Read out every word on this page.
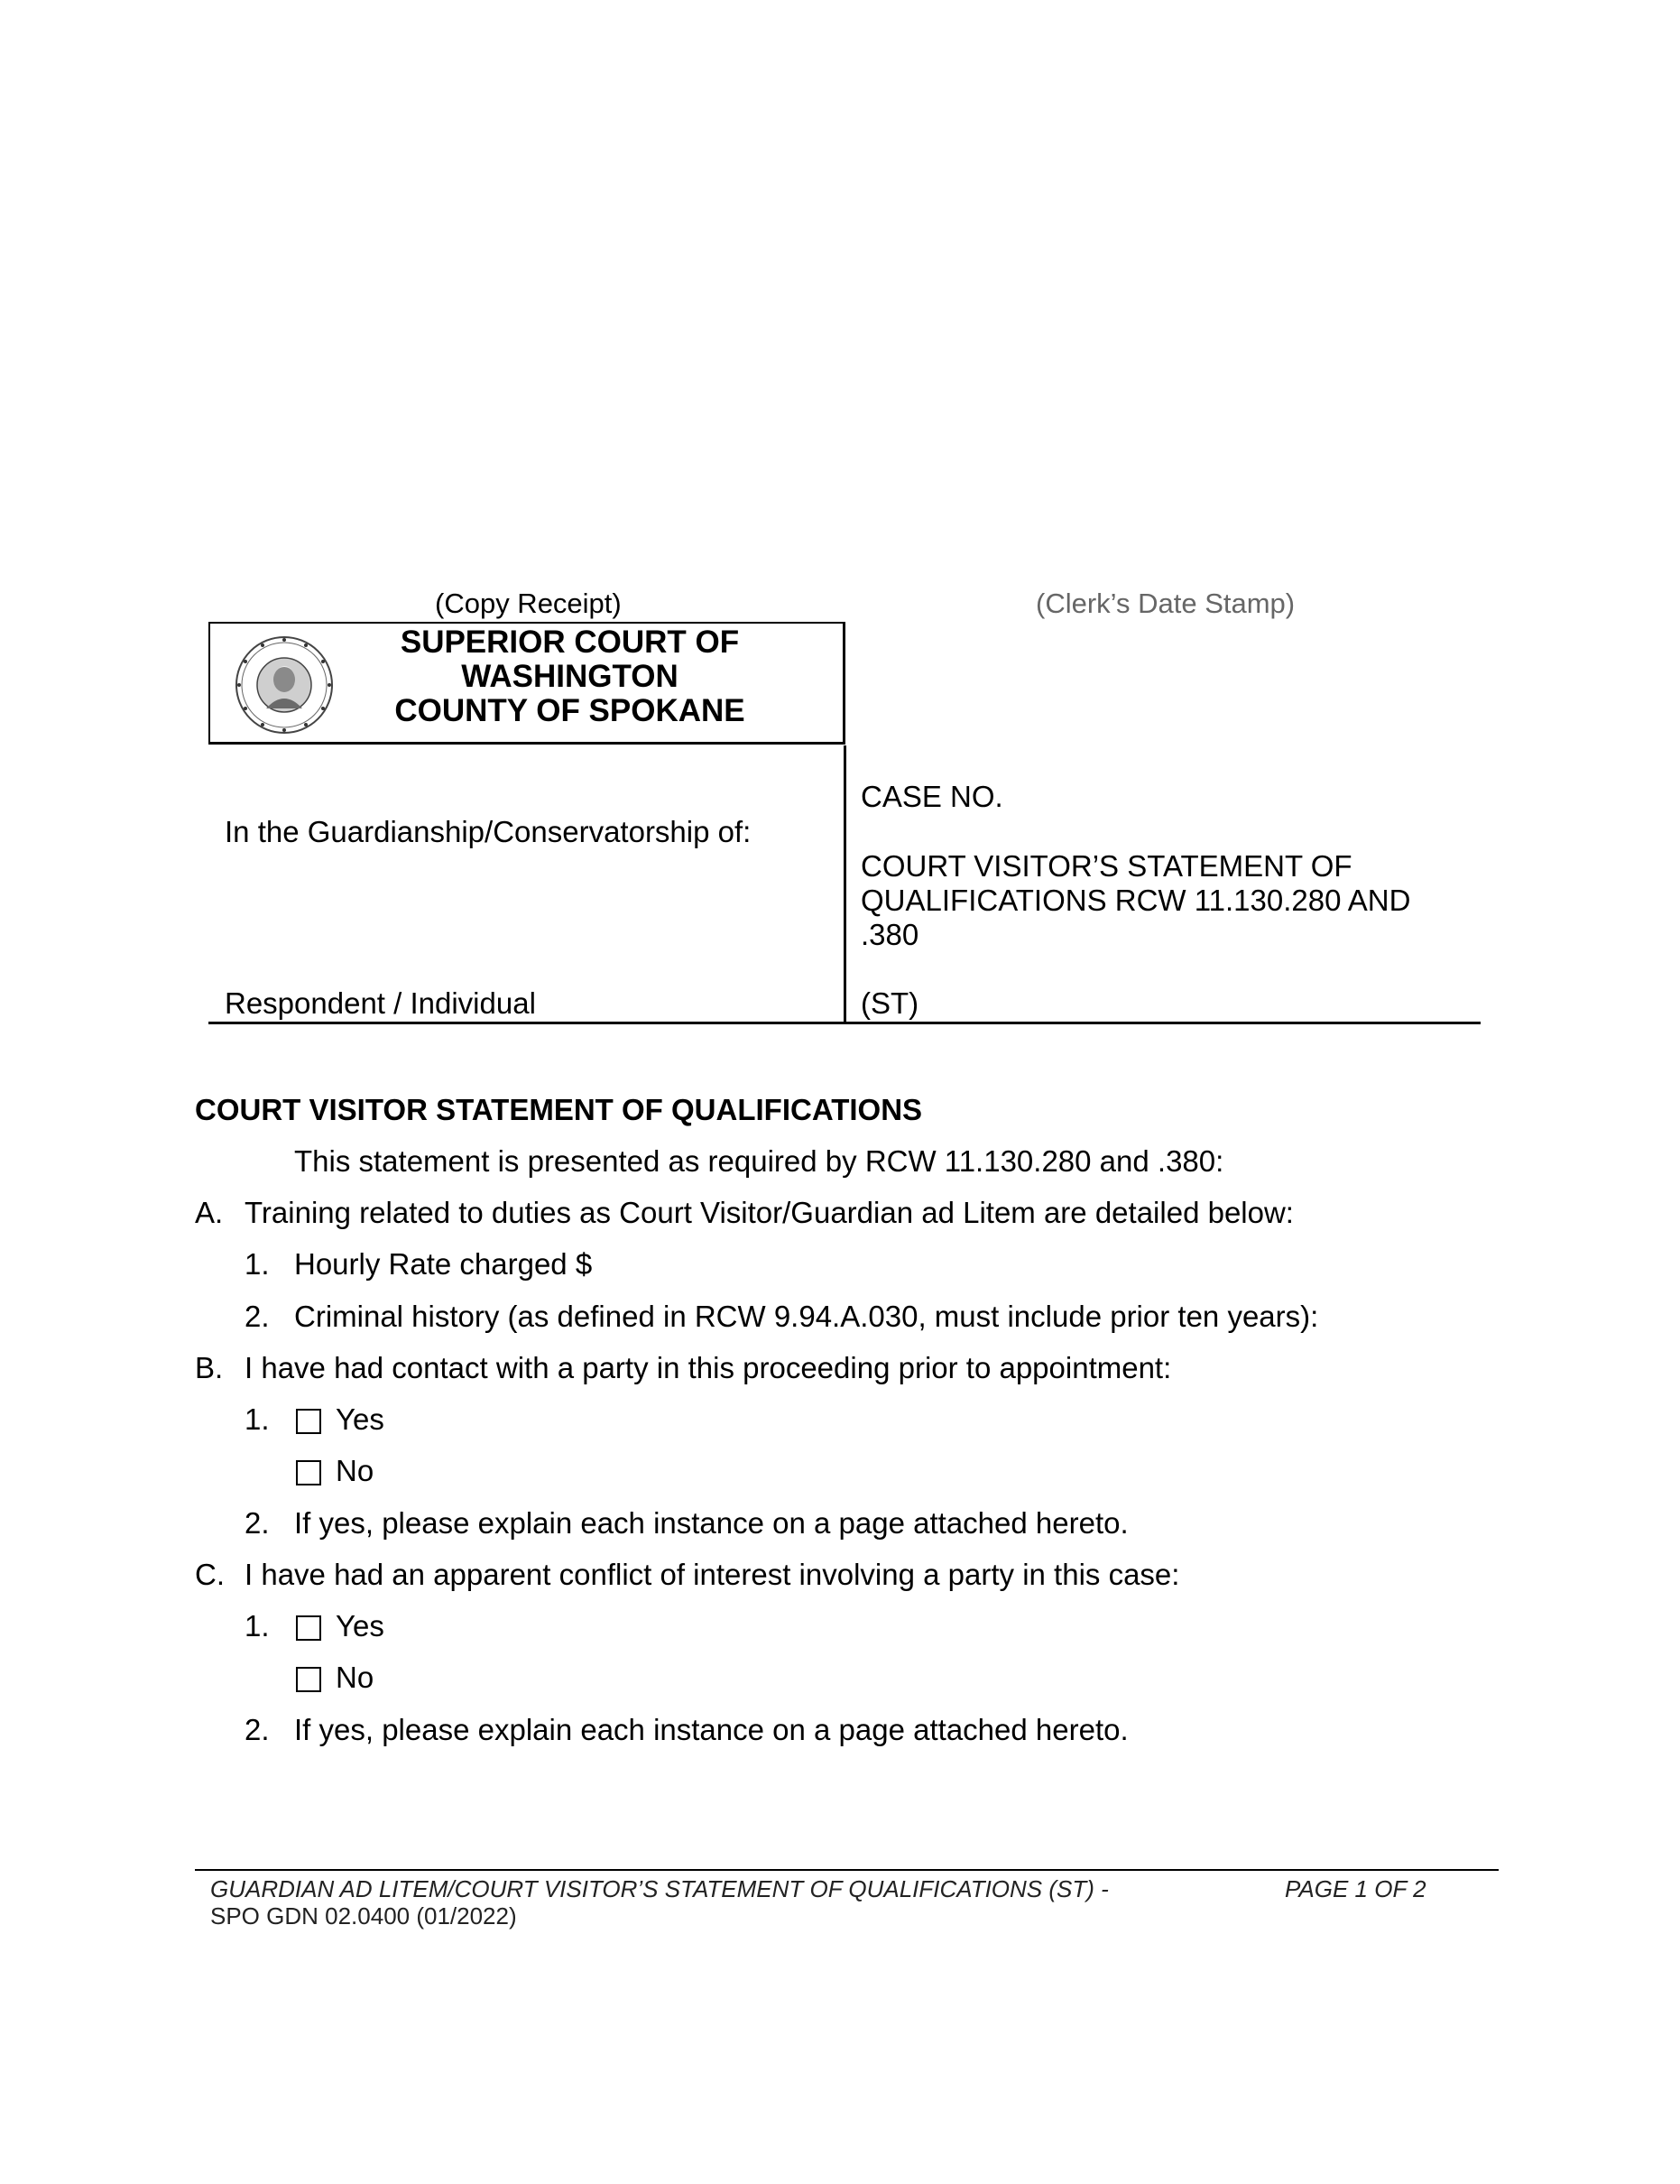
(Copy Receipt)	(Clerk’s Date Stamp)
SUPERIOR COURT OF
WASHINGTON
COUNTY OF SPOKANE
In the Guardianship/Conservatorship of:
Respondent / Individual
CASE NO.
COURT VISITOR’S STATEMENT OF
QUALIFICATIONS RCW 11.130.280 AND
.380
(ST)
COURT VISITOR STATEMENT OF QUALIFICATIONS
This statement is presented as required by RCW 11.130.280 and .380:
A. Training related to duties as Court Visitor/Guardian ad Litem are detailed below:
1. Hourly Rate charged $
2. Criminal history (as defined in RCW 9.94.A.030, must include prior ten years):
B. I have had contact with a party in this proceeding prior to appointment:
1. Yes
No
2. If yes, please explain each instance on a page attached hereto.
C. I have had an apparent conflict of interest involving a party in this case:
1. Yes
No
2. If yes, please explain each instance on a page attached hereto.
GUARDIAN AD LITEM/COURT VISITOR’S STATEMENT OF QUALIFICATIONS (ST) -	PAGE 1 OF 2
SPO GDN 02.0400 (01/2022)
